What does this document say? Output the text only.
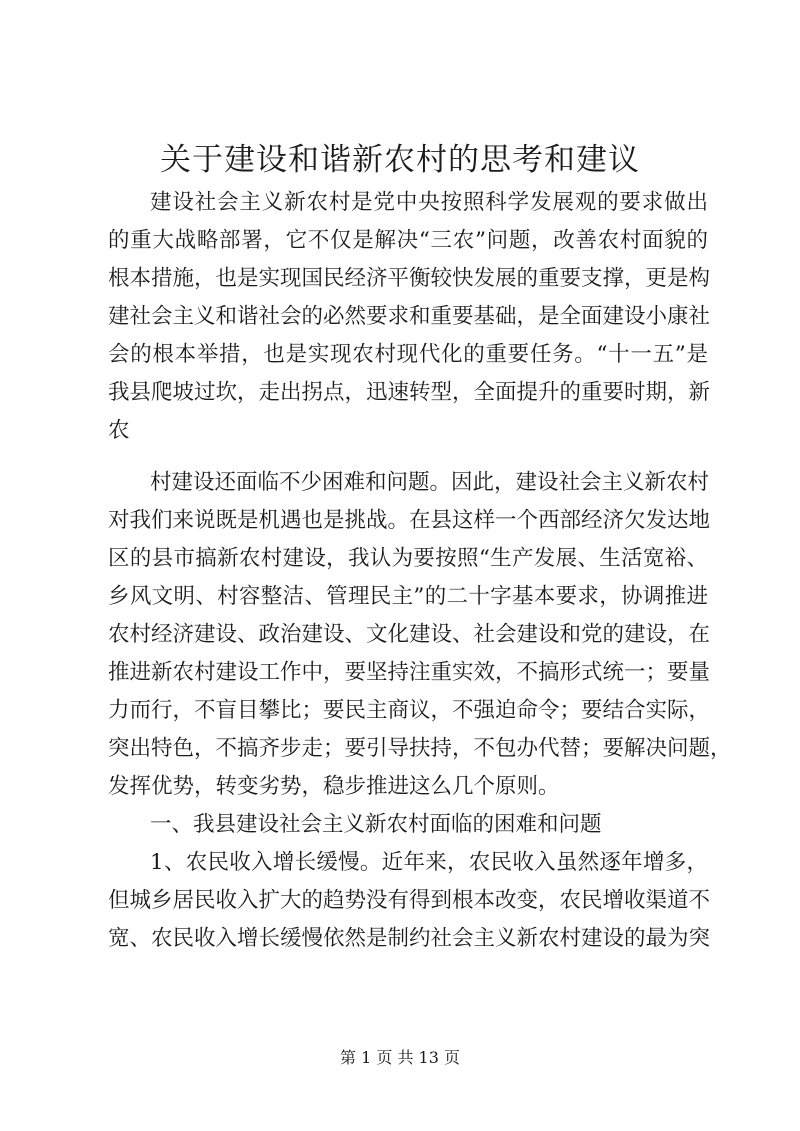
关于建设和谐新农村的思考和建议
建设社会主义新农村是党中央按照科学发展观的要求做出
的重大战略部署，它不仅是解决“三农”问题，改善农村面貌的
根本措施，也是实现国民经济平衡较快发展的重要支撑，更是构
建社会主义和谐社会的必然要求和重要基础，是全面建设小康社
会的根本举措，也是实现农村现代化的重要任务。“十一五”是
我县爬坡过坎，走出拐点，迅速转型，全面提升的重要时期，新
农
村建设还面临不少困难和问题。因此，建设社会主义新农村
对我们来说既是机遇也是挑战。在县这样一个西部经济欠发达地
区的县市搞新农村建设，我认为要按照“生产发展、生活宽裕、
乡风文明、村容整洁、管理民主”的二十字基本要求，协调推进
农村经济建设、政治建设、文化建设、社会建设和党的建设，在
推进新农村建设工作中，要坚持注重实效，不搞形式统一；要量
力而行，不盲目攀比；要民主商议，不强迫命令；要结合实际，
突出特色，不搞齐步走；要引导扶持，不包办代替；要解决问题，
发挥优势，转变劣势，稳步推进这么几个原则。
一、我县建设社会主义新农村面临的困难和问题
1、农民收入增长缓慢。近年来，农民收入虽然逐年增多，
但城乡居民收入扩大的趋势没有得到根本改变，农民增收渠道不
宽、农民收入增长缓慢依然是制约社会主义新农村建设的最为突
第 1 页 共 13 页
